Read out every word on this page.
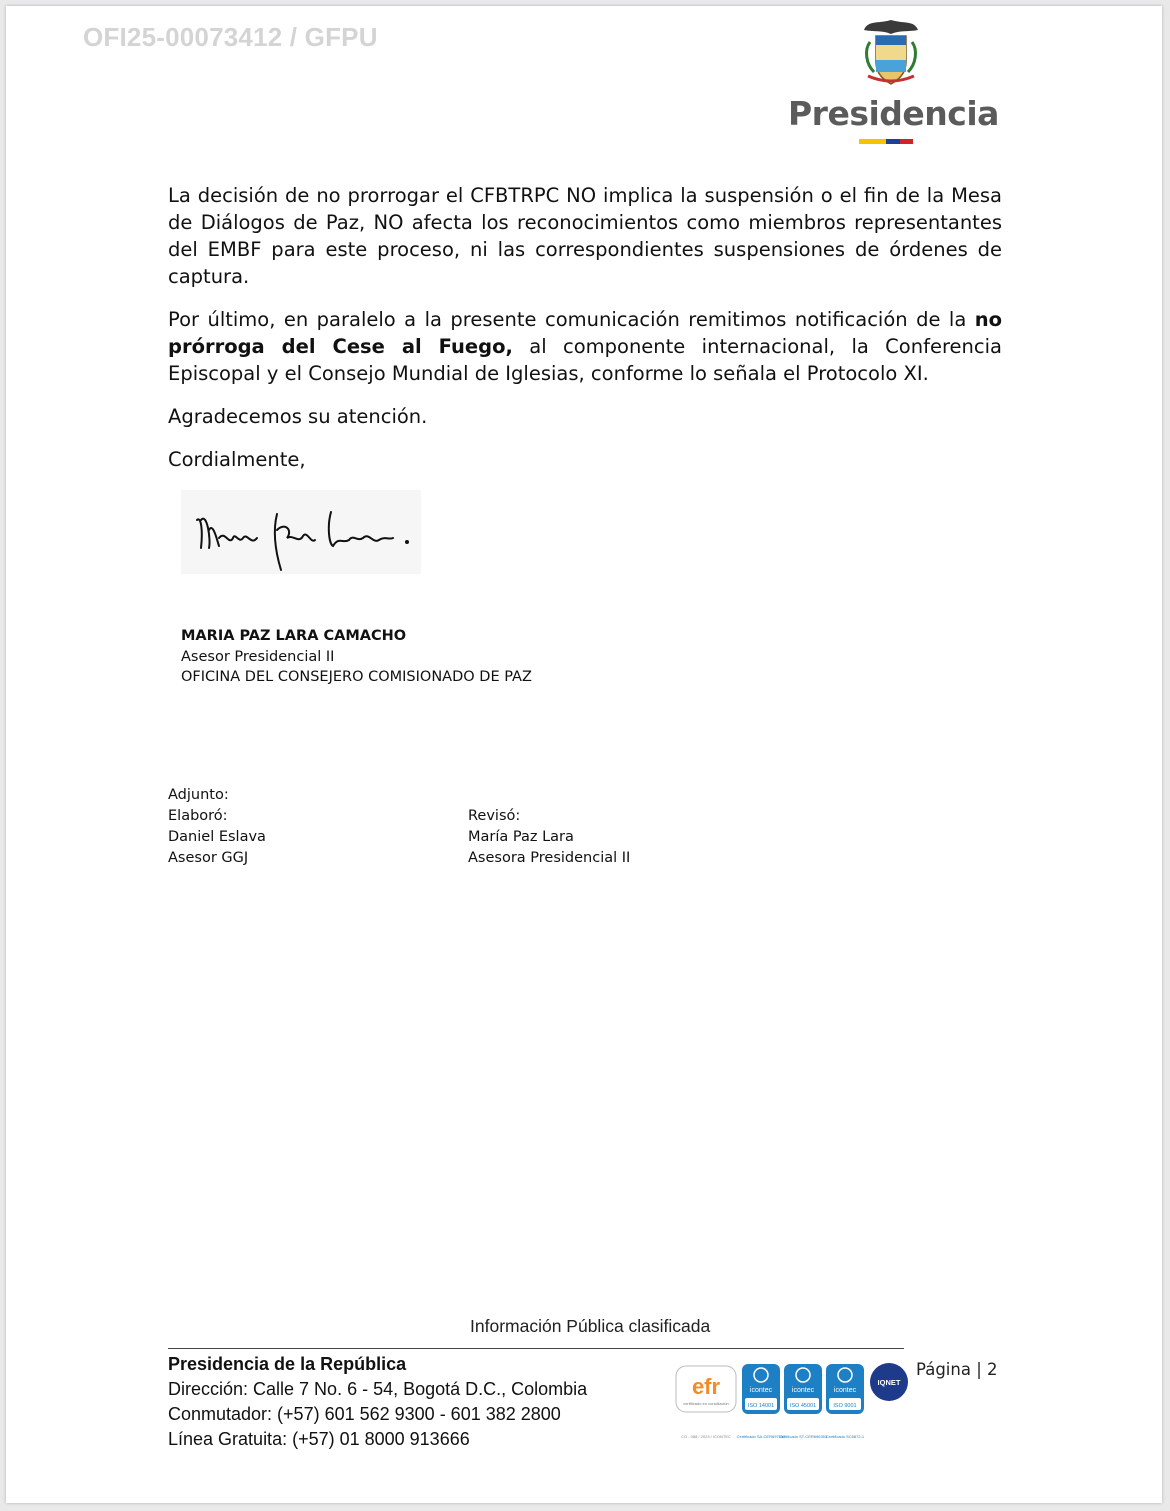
OFI25-00073412 / GFPU

Presidencia

La decisión de no prorrogar el CFBTRPC NO implica la suspensión o el fin de la Mesa de Diálogos de Paz, NO afecta los reconocimientos como miembros representantes del EMBF para este proceso, ni las correspondientes suspensiones de órdenes de captura.

Por último, en paralelo a la presente comunicación remitimos notificación de la no prórroga del Cese al Fuego, al componente internacional, la Conferencia Episcopal y el Consejo Mundial de Iglesias, conforme lo señala el Protocolo XI.

Agradecemos su atención.

Cordialmente,

MARIA PAZ LARA CAMACHO
Asesor Presidencial II
OFICINA DEL CONSEJERO COMISIONADO DE PAZ
Adjunto:
Elaboró:
Daniel Eslava
Asesor GGJ
Revisó:
María Paz Lara
Asesora Presidencial II
Información Pública clasificada
Presidencia de la República
Dirección: Calle 7 No. 6 - 54, Bogotá D.C., Colombia
Conmutador: (+57) 601 562 9300 - 601 382 2800
Línea Gratuita: (+57) 01 8000 913666
efr
certificado en conciliación
icontec
ISO 14001
icontec
ISO 45001
icontec
ISO 9001
IQNET
CO - 088 / 2023 / ICONTEC Certificado SA-CER697052
Certificado ST-CER696353
Certificado SC5872-1
Página | 2
